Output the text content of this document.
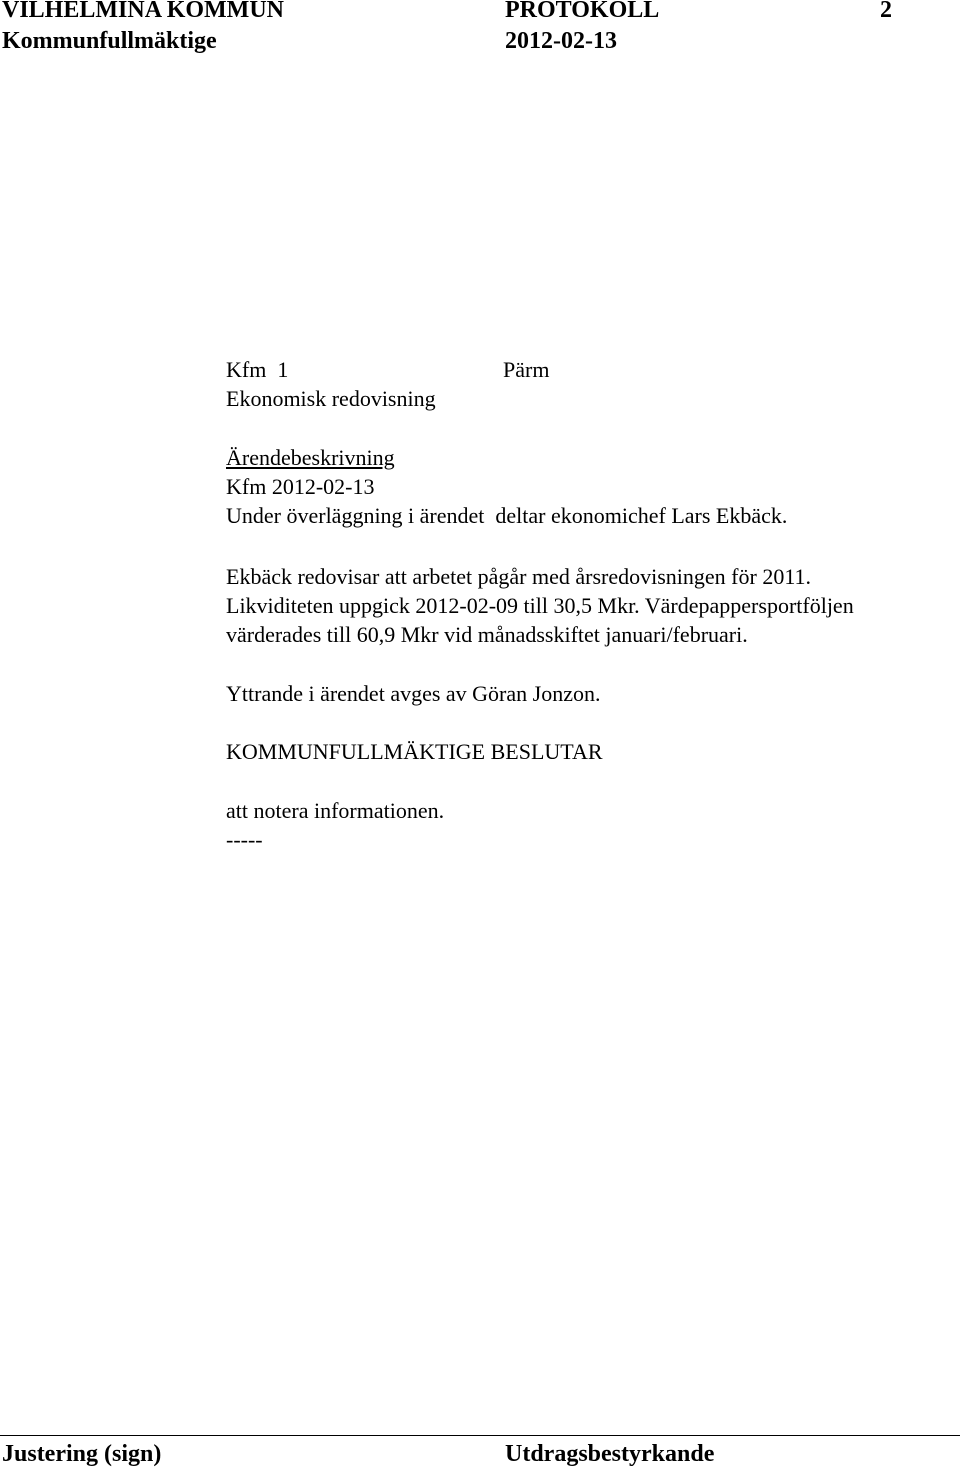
VILHELMINA KOMMUN	PROTOKOLL	2
Kommunfullmäktige	2012-02-13
Kfm  1	Pärm
Ekonomisk redovisning
Ärendebeskrivning
Kfm 2012-02-13
Under överläggning i ärendet  deltar ekonomichef Lars Ekbäck.
Ekbäck redovisar att arbetet pågår med årsredovisningen för 2011.
Likviditeten uppgick 2012-02-09 till 30,5 Mkr. Värdepappersportföljen
värderades till 60,9 Mkr vid månadsskiftet januari/februari.
Yttrande i ärendet avges av Göran Jonzon.
KOMMUNFULLMÄKTIGE BESLUTAR
att notera informationen.
-----
Justering (sign)	Utdragsbestyrkande
